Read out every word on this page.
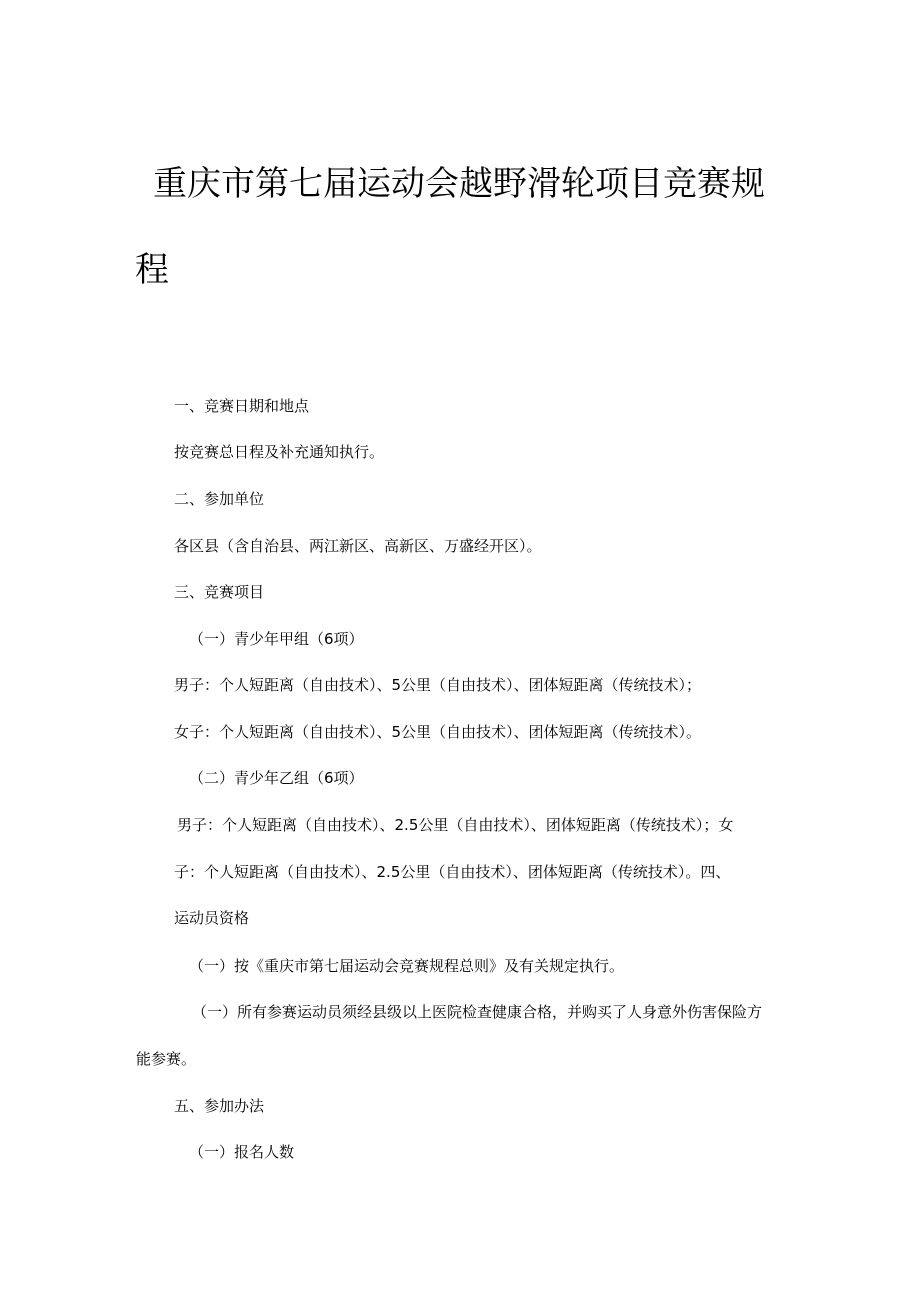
重庆市第七届运动会越野滑轮项目竞赛规
程
一、竞赛日期和地点
按竞赛总日程及补充通知执行。
二、参加单位
各区县（含自治县、两江新区、高新区、万盛经开区）。
三、竞赛项目
（一）青少年甲组（6项）
男子：个人短距离（自由技术）、5公里（自由技术）、团体短距离（传统技术）；
女子：个人短距离（自由技术）、5公里（自由技术）、团体短距离（传统技术）。
（二）青少年乙组（6项）
男子：个人短距离（自由技术）、2.5公里（自由技术）、团体短距离（传统技术）；女
子：个人短距离（自由技术）、2.5公里（自由技术）、团体短距离（传统技术）。四、
运动员资格
（一）按《重庆市第七届运动会竞赛规程总则》及有关规定执行。
（一）所有参赛运动员须经县级以上医院检查健康合格，并购买了人身意外伤害保险方
能参赛。
五、参加办法
（一）报名人数
